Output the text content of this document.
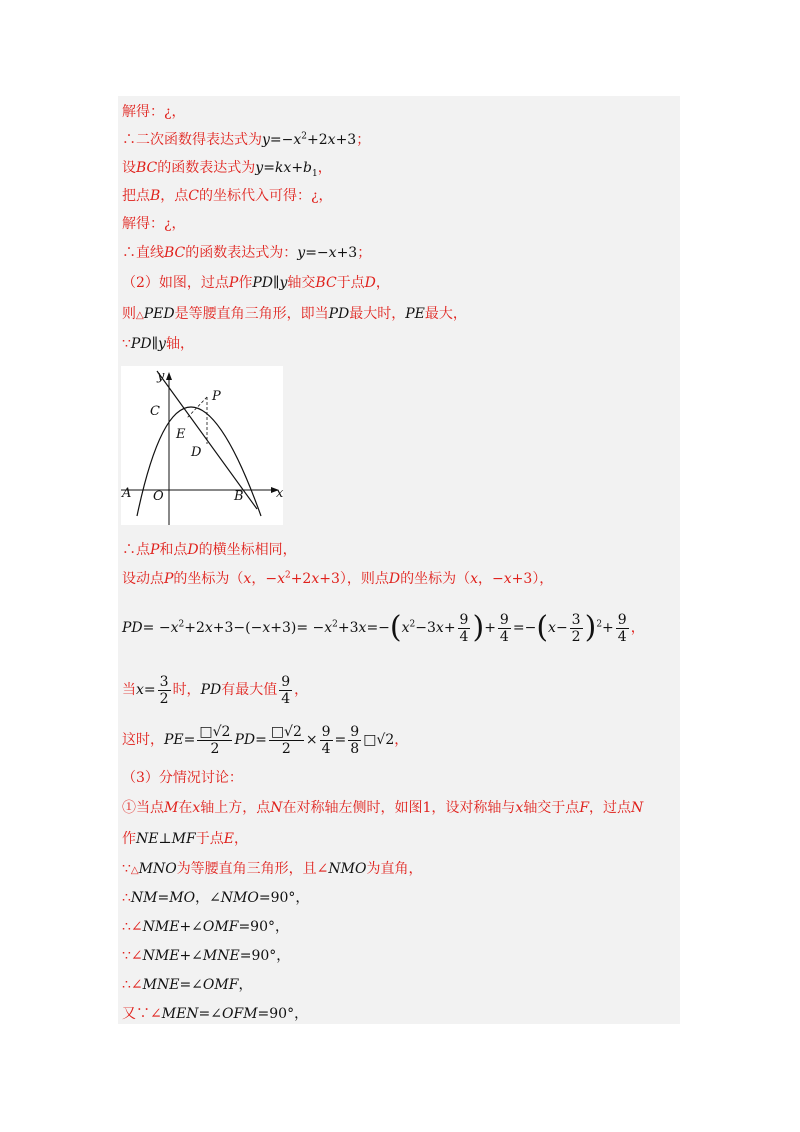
解得：¿，
∴二次函数得表达式为$y=-x^2+2x+3$；
设BC的函数表达式为$y=kx+b_1$，
把点B，点C的坐标代入可得：¿，
解得：¿，
∴直线BC的函数表达式为：y=−x+3；
（2）如图，过点P作PD∥y轴交BC于点D，
则△PED是等腰直角三角形，即当PD最大时，PE最大，
∵PD∥y轴，
y
x
C
P
E
D
A O	B
∴点P和点D的横坐标相同，
设动点P的坐标为（x，$-x^2+2x+3$），则点D的坐标为（x，−x+3），
$PD= -x^2+2x+3-(-x+3)= -x^2+3x=-(x^2-3x+ \frac{9}{4}$ )+ $\frac{9}{4} =-(x- \frac{3}{2} )^2+ \frac{9}{4}$ ，
当$x= \frac{3}{2}$ 时，PD有最大值 $\frac{9}{4}$ ，
这时，$PE= \frac{□√2}{2} PD= \frac{□√2}{2} \times \frac{9}{4} = \frac{9}{8}$ □√2，
（3）分情况讨论：
①当点M在x轴上方，点N在对称轴左侧时，如图1，设对称轴与x轴交于点F，过点N
作NE⊥MF于点E，
∵△MNO为等腰直角三角形，且∠NMO为直角，
∴NM=MO，∠NMO=90°，
∴∠NME+∠OMF=90°，
∵∠NME+∠MNE=90°，
∴∠MNE=∠OMF，
又∵∠MEN=∠OFM=90°，
